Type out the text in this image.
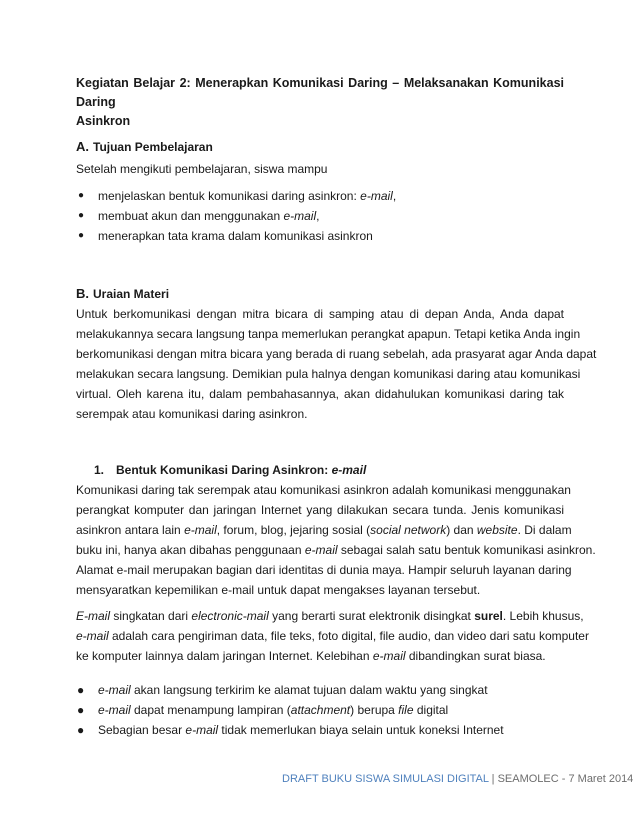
Kegiatan Belajar 2: Menerapkan Komunikasi Daring – Melaksanakan Komunikasi Daring
Asinkron
A. Tujuan Pembelajaran
Setelah mengikuti pembelajaran, siswa mampu
● menjelaskan bentuk komunikasi daring asinkron: e-mail,
● membuat akun dan menggunakan e-mail,
● menerapkan tata krama dalam komunikasi asinkron
B. Uraian Materi
Untuk berkomunikasi dengan mitra bicara di samping atau di depan Anda, Anda dapat
melakukannya secara langsung tanpa memerlukan perangkat apapun. Tetapi ketika Anda ingin
berkomunikasi dengan mitra bicara yang berada di ruang sebelah, ada prasyarat agar Anda dapat
melakukan secara langsung. Demikian pula halnya dengan komunikasi daring atau komunikasi
virtual. Oleh karena itu, dalam pembahasannya, akan didahulukan komunikasi daring tak
serempak atau komunikasi daring asinkron.
1. Bentuk Komunikasi Daring Asinkron: e-mail
Komunikasi daring tak serempak atau komunikasi asinkron adalah komunikasi menggunakan
perangkat komputer dan jaringan Internet yang dilakukan secara tunda. Jenis komunikasi
asinkron antara lain e-mail, forum, blog, jejaring sosial (social network) dan website. Di dalam
buku ini, hanya akan dibahas penggunaan e-mail sebagai salah satu bentuk komunikasi asinkron.
Alamat e-mail merupakan bagian dari identitas di dunia maya. Hampir seluruh layanan daring
mensyaratkan kepemilikan e-mail untuk dapat mengakses layanan tersebut.
E-mail singkatan dari electronic-mail yang berarti surat elektronik disingkat surel. Lebih khusus,
e-mail adalah cara pengiriman data, file teks, foto digital, file audio, dan video dari satu komputer
ke komputer lainnya dalam jaringan Internet. Kelebihan e-mail dibandingkan surat biasa.
● e-mail akan langsung terkirim ke alamat tujuan dalam waktu yang singkat
● e-mail dapat menampung lampiran (attachment) berupa file digital
● Sebagian besar e-mail tidak memerlukan biaya selain untuk koneksi Internet
DRAFT BUKU SISWA SIMULASI DIGITAL | SEAMOLEC - 7 Maret 2014
